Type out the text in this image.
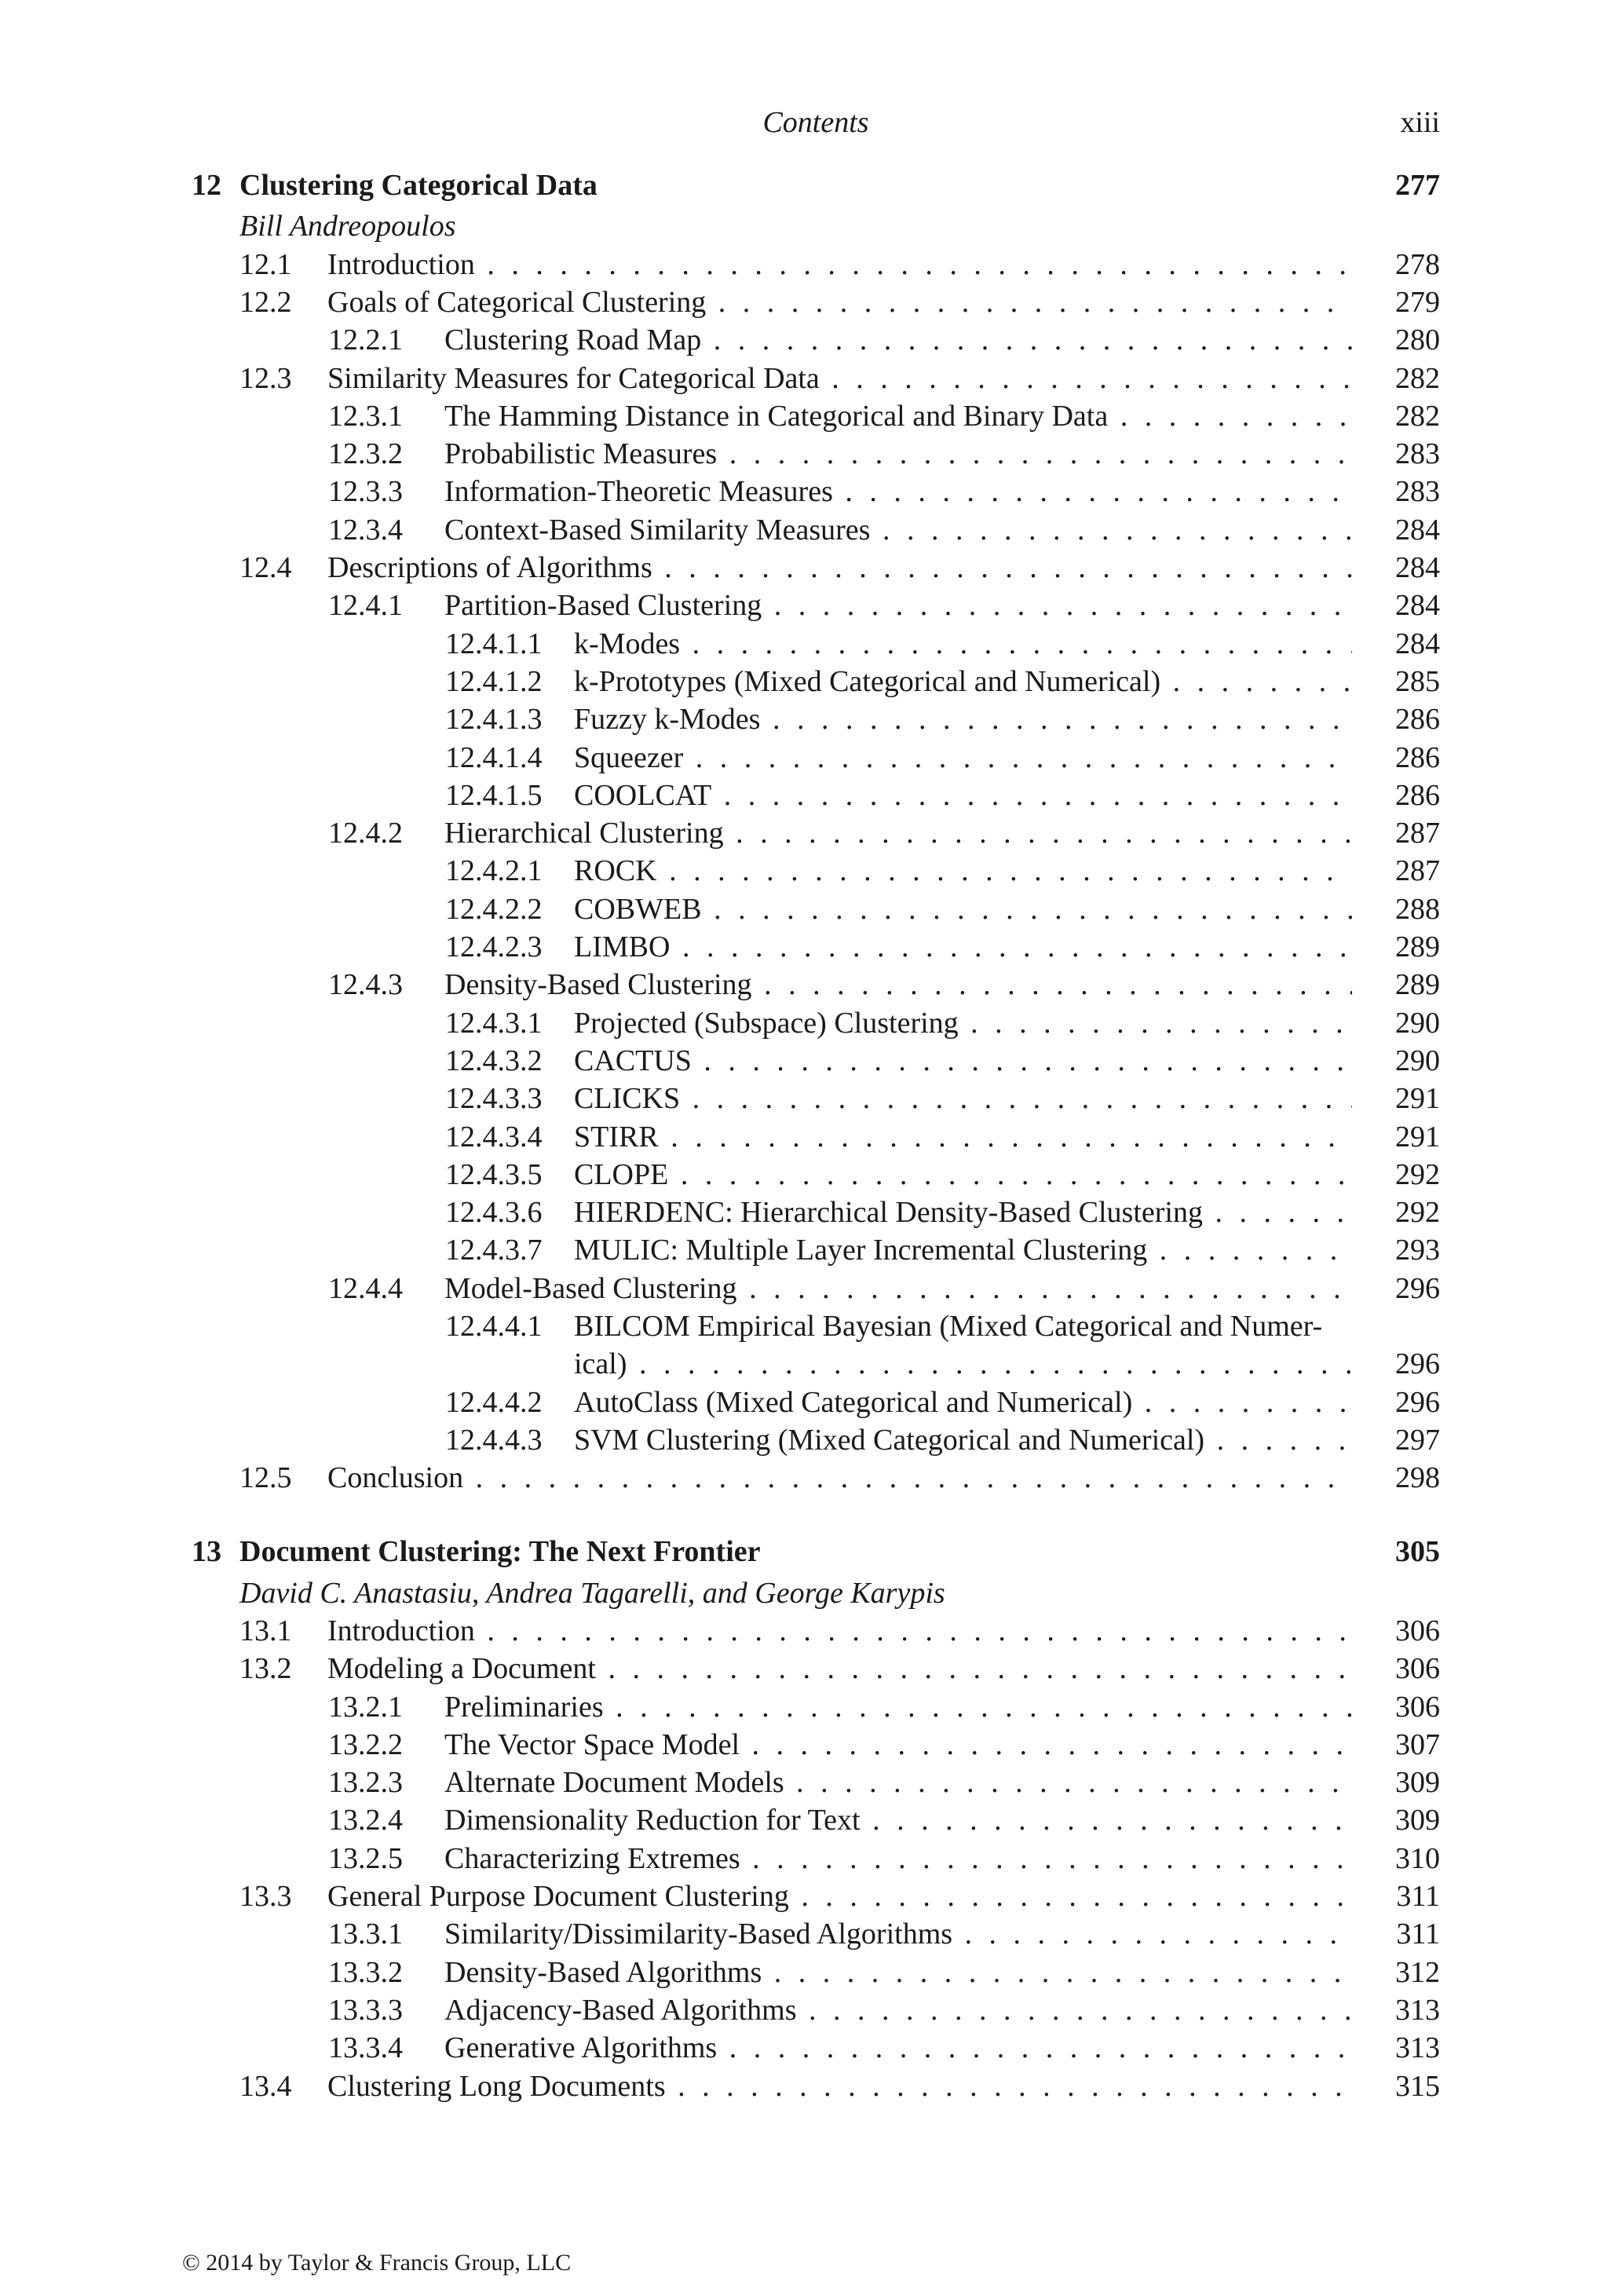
Contents	xiii
12 Clustering Categorical Data	277
Bill Andreopoulos
12.1 Introduction . . .	278
12.2 Goals of Categorical Clustering . . .	279
12.2.1 Clustering Road Map . . .	280
12.3 Similarity Measures for Categorical Data . . .	282
12.3.1 The Hamming Distance in Categorical and Binary Data . . .	282
12.3.2 Probabilistic Measures . . .	283
12.3.3 Information-Theoretic Measures . . .	283
12.3.4 Context-Based Similarity Measures . . .	284
12.4 Descriptions of Algorithms . . .	284
12.4.1 Partition-Based Clustering . . .	284
12.4.1.1 k-Modes . . .	284
12.4.1.2 k-Prototypes (Mixed Categorical and Numerical) . . .	285
12.4.1.3 Fuzzy k-Modes . . .	286
12.4.1.4 Squeezer . . .	286
12.4.1.5 COOLCAT . . .	286
12.4.2 Hierarchical Clustering . . .	287
12.4.2.1 ROCK . . .	287
12.4.2.2 COBWEB . . .	288
12.4.2.3 LIMBO . . .	289
12.4.3 Density-Based Clustering . . .	289
12.4.3.1 Projected (Subspace) Clustering . . .	290
12.4.3.2 CACTUS . . .	290
12.4.3.3 CLICKS . . .	291
12.4.3.4 STIRR . . .	291
12.4.3.5 CLOPE . . .	292
12.4.3.6 HIERDENC: Hierarchical Density-Based Clustering . . .	292
12.4.3.7 MULIC: Multiple Layer Incremental Clustering . . .	293
12.4.4 Model-Based Clustering . . .	296
12.4.4.1 BILCOM Empirical Bayesian (Mixed Categorical and Numer-
ical) . . .	296
12.4.4.2 AutoClass (Mixed Categorical and Numerical) . . .	296
12.4.4.3 SVM Clustering (Mixed Categorical and Numerical) . . .	297
12.5 Conclusion . . .	298
13 Document Clustering: The Next Frontier	305
David C. Anastasiu, Andrea Tagarelli, and George Karypis
13.1 Introduction . . .	306
13.2 Modeling a Document . . .	306
13.2.1 Preliminaries . . .	306
13.2.2 The Vector Space Model . . .	307
13.2.3 Alternate Document Models . . .	309
13.2.4 Dimensionality Reduction for Text . . .	309
13.2.5 Characterizing Extremes . . .	310
13.3 General Purpose Document Clustering . . .	311
13.3.1 Similarity/Dissimilarity-Based Algorithms . . .	311
13.3.2 Density-Based Algorithms . . .	312
13.3.3 Adjacency-Based Algorithms . . .	313
13.3.4 Generative Algorithms . . .	313
13.4 Clustering Long Documents . . .	315
© 2014 by Taylor & Francis Group, LLC
